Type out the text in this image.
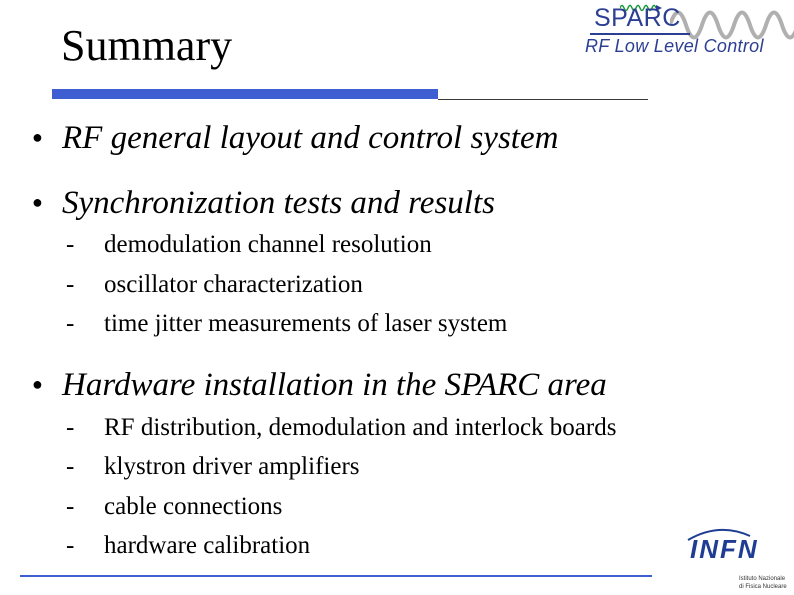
Summary
SPARC
RF Low Level Control
● RF general layout and control system
● Synchronization tests and results
- demodulation channel resolution
- oscillator characterization
- time jitter measurements of laser system
● Hardware installation in the SPARC area
- RF distribution, demodulation and interlock boards
- klystron driver amplifiers
- cable connections
- hardware calibration	INFN
Istituto Nazionale
di Fisica Nucleare
